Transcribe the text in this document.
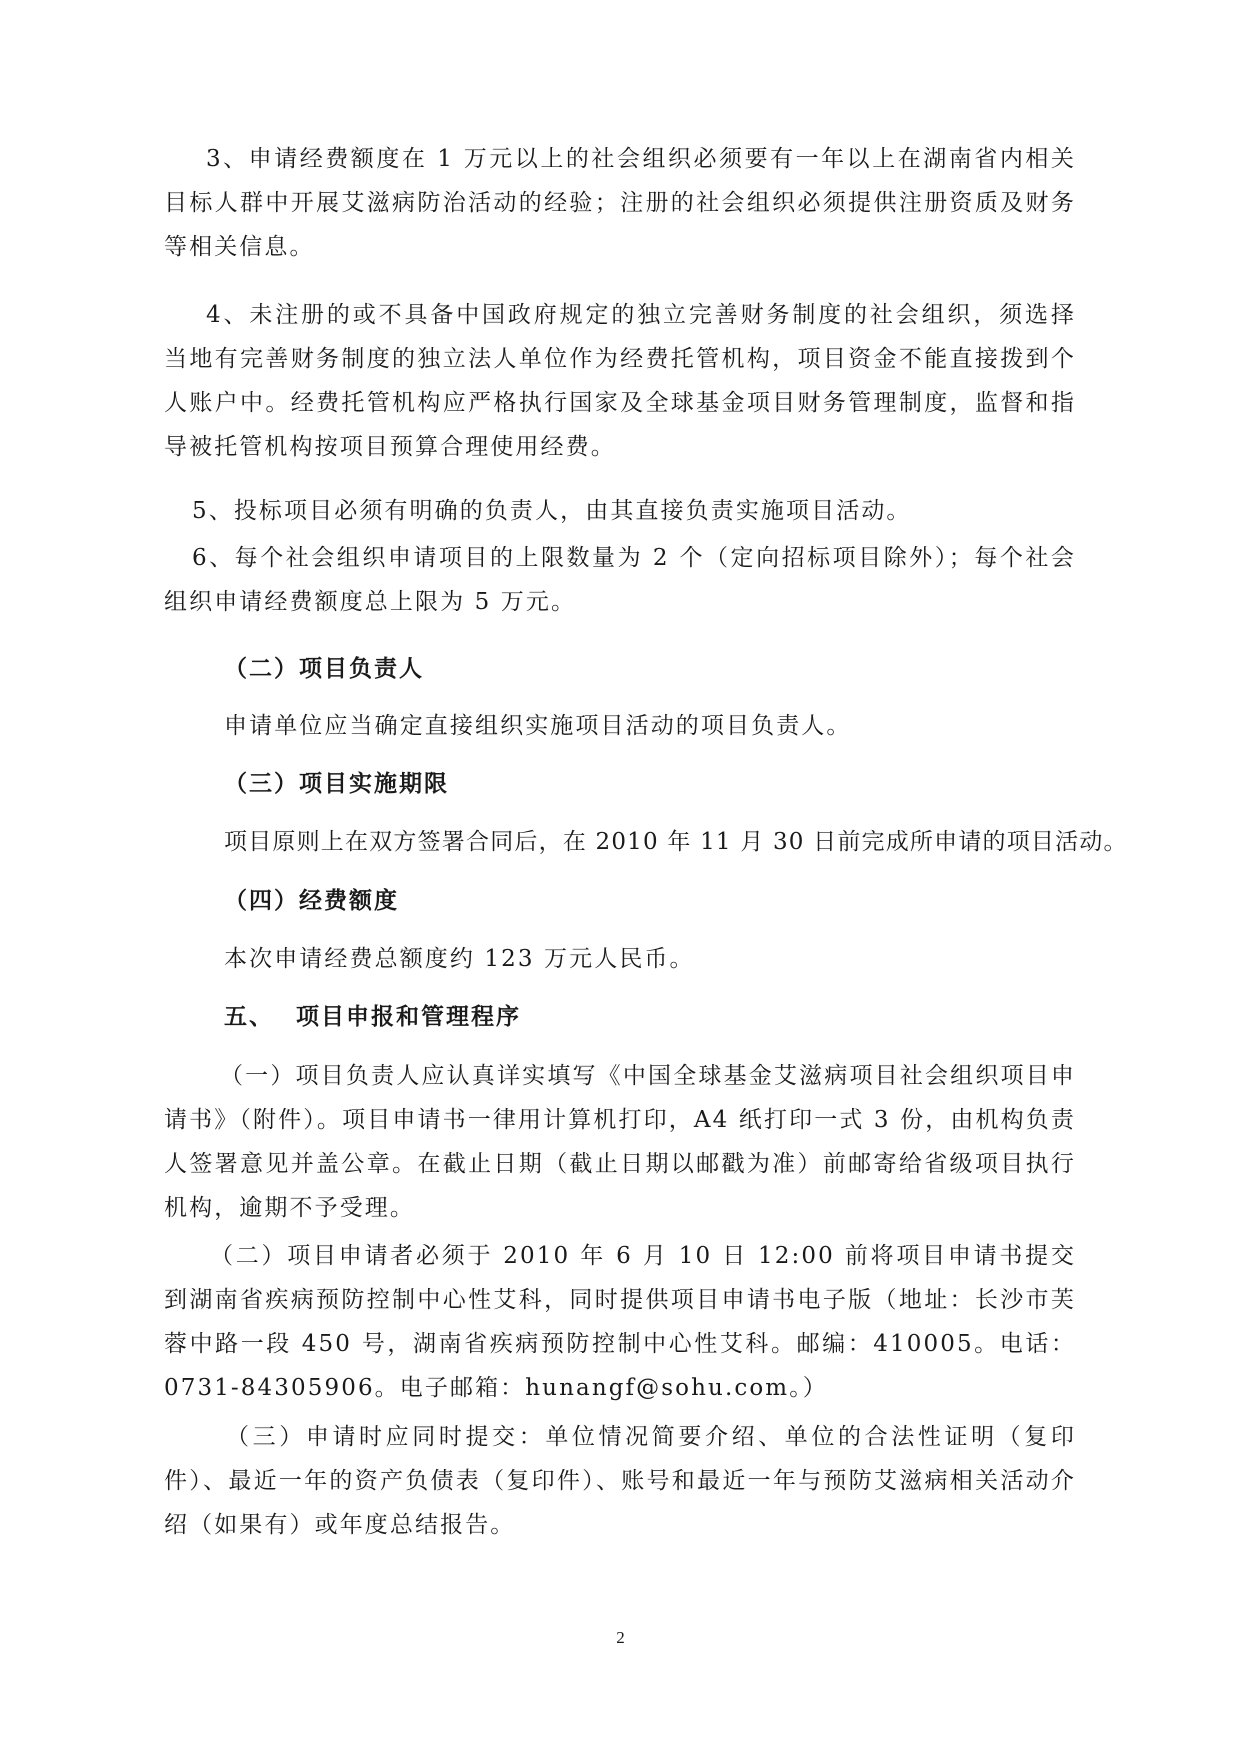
3、申请经费额度在 1 万元以上的社会组织必须要有一年以上在湖南省内相关目标人群中开展艾滋病防治活动的经验；注册的社会组织必须提供注册资质及财务等相关信息。

4、未注册的或不具备中国政府规定的独立完善财务制度的社会组织，须选择当地有完善财务制度的独立法人单位作为经费托管机构，项目资金不能直接拨到个人账户中。经费托管机构应严格执行国家及全球基金项目财务管理制度，监督和指导被托管机构按项目预算合理使用经费。

5、投标项目必须有明确的负责人，由其直接负责实施项目活动。

6、每个社会组织申请项目的上限数量为 2 个（定向招标项目除外）；每个社会组织申请经费额度总上限为 5 万元。

（二）项目负责人

申请单位应当确定直接组织实施项目活动的项目负责人。

（三）项目实施期限

项目原则上在双方签署合同后，在 2010 年 11 月 30 日前完成所申请的项目活动。

（四）经费额度

本次申请经费总额度约 123 万元人民币。

五、 项目申报和管理程序

（一）项目负责人应认真详实填写《中国全球基金艾滋病项目社会组织项目申请书》（附件）。项目申请书一律用计算机打印，A4 纸打印一式 3 份，由机构负责人签署意见并盖公章。在截止日期（截止日期以邮戳为准）前邮寄给省级项目执行机构，逾期不予受理。

（二）项目申请者必须于 2010 年 6 月 10 日 12:00 前将项目申请书提交到湖南省疾病预防控制中心性艾科，同时提供项目申请书电子版（地址：长沙市芙蓉中路一段 450 号，湖南省疾病预防控制中心性艾科。邮编：410005。电话：0731-84305906。电子邮箱：hunangf@sohu.com。）

（三）申请时应同时提交：单位情况简要介绍、单位的合法性证明（复印件）、最近一年的资产负债表（复印件）、账号和最近一年与预防艾滋病相关活动介绍（如果有）或年度总结报告。

2
